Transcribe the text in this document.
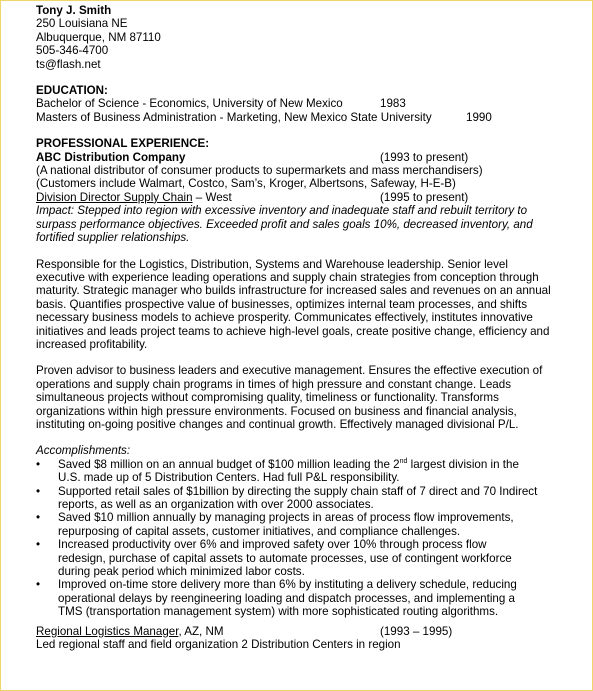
Tony J. Smith
250 Louisiana NE
Albuquerque, NM 87110
505-346-4700
ts@flash.net
EDUCATION:
Bachelor of Science - Economics, University of New Mexico	1983
Masters of Business Administration - Marketing, New Mexico State University	1990
PROFESSIONAL EXPERIENCE:
ABC Distribution Company	(1993 to present)
(A national distributor of consumer products to supermarkets and mass merchandisers)
(Customers include Walmart, Costco, Sam’s, Kroger, Albertsons, Safeway, H-E-B)
Division Director Supply Chain – West	(1995 to present)
Impact: Stepped into region with excessive inventory and inadequate staff and rebuilt territory to
surpass performance objectives. Exceeded profit and sales goals 10%, decreased inventory, and
fortified supplier relationships.
Responsible for the Logistics, Distribution, Systems and Warehouse leadership. Senior level
executive with experience leading operations and supply chain strategies from conception through
maturity. Strategic manager who builds infrastructure for increased sales and revenues on an annual
basis. Quantifies prospective value of businesses, optimizes internal team processes, and shifts
necessary business models to achieve prosperity. Communicates effectively, institutes innovative
initiatives and leads project teams to achieve high-level goals, create positive change, efficiency and
increased profitability.
Proven advisor to business leaders and executive management. Ensures the effective execution of
operations and supply chain programs in times of high pressure and constant change. Leads
simultaneous projects without compromising quality, timeliness or functionality. Transforms
organizations within high pressure environments. Focused on business and financial analysis,
instituting on-going positive changes and continual growth. Effectively managed divisional P/L.
Accomplishments:
• Saved $8 million on an annual budget of $100 million leading the 2nd largest division in the
U.S. made up of 5 Distribution Centers. Had full P&L responsibility.
• Supported retail sales of $1billion by directing the supply chain staff of 7 direct and 70 Indirect
reports, as well as an organization with over 2000 associates.
• Saved $10 million annually by managing projects in areas of process flow improvements,
repurposing of capital assets, customer initiatives, and compliance challenges.
• Increased productivity over 6% and improved safety over 10% through process flow
redesign, purchase of capital assets to automate processes, use of contingent workforce
during peak period which minimized labor costs.
• Improved on-time store delivery more than 6% by instituting a delivery schedule, reducing
operational delays by reengineering loading and dispatch processes, and implementing a
TMS (transportation management system) with more sophisticated routing algorithms.
Regional Logistics Manager, AZ, NM	(1993 – 1995)
Led regional staff and field organization 2 Distribution Centers in region
